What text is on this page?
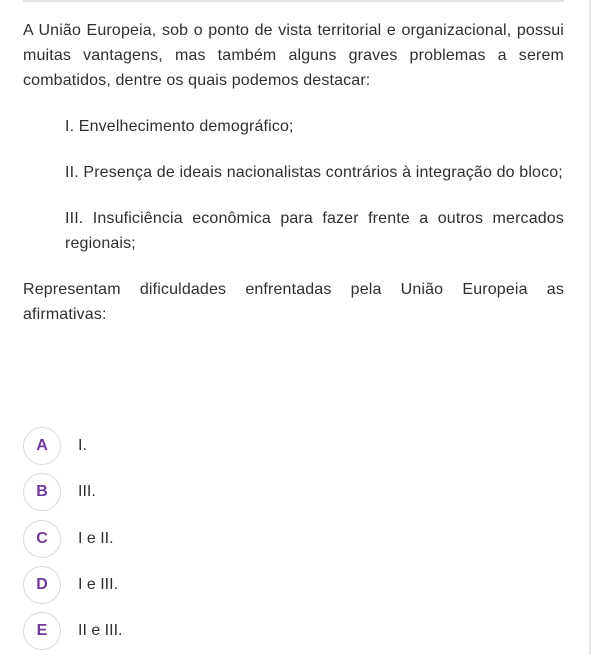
A União Europeia, sob o ponto de vista territorial e organizacional, possui muitas vantagens, mas também alguns graves problemas a serem combatidos, dentre os quais podemos destacar:

I. Envelhecimento demográfico;

II. Presença de ideais nacionalistas contrários à integração do bloco;

III. Insuficiência econômica para fazer frente a outros mercados regionais;

Representam dificuldades enfrentadas pela União Europeia as afirmativas:

A	I.
B	III.
C	I e II.
D	I e III.
E	II e III.
